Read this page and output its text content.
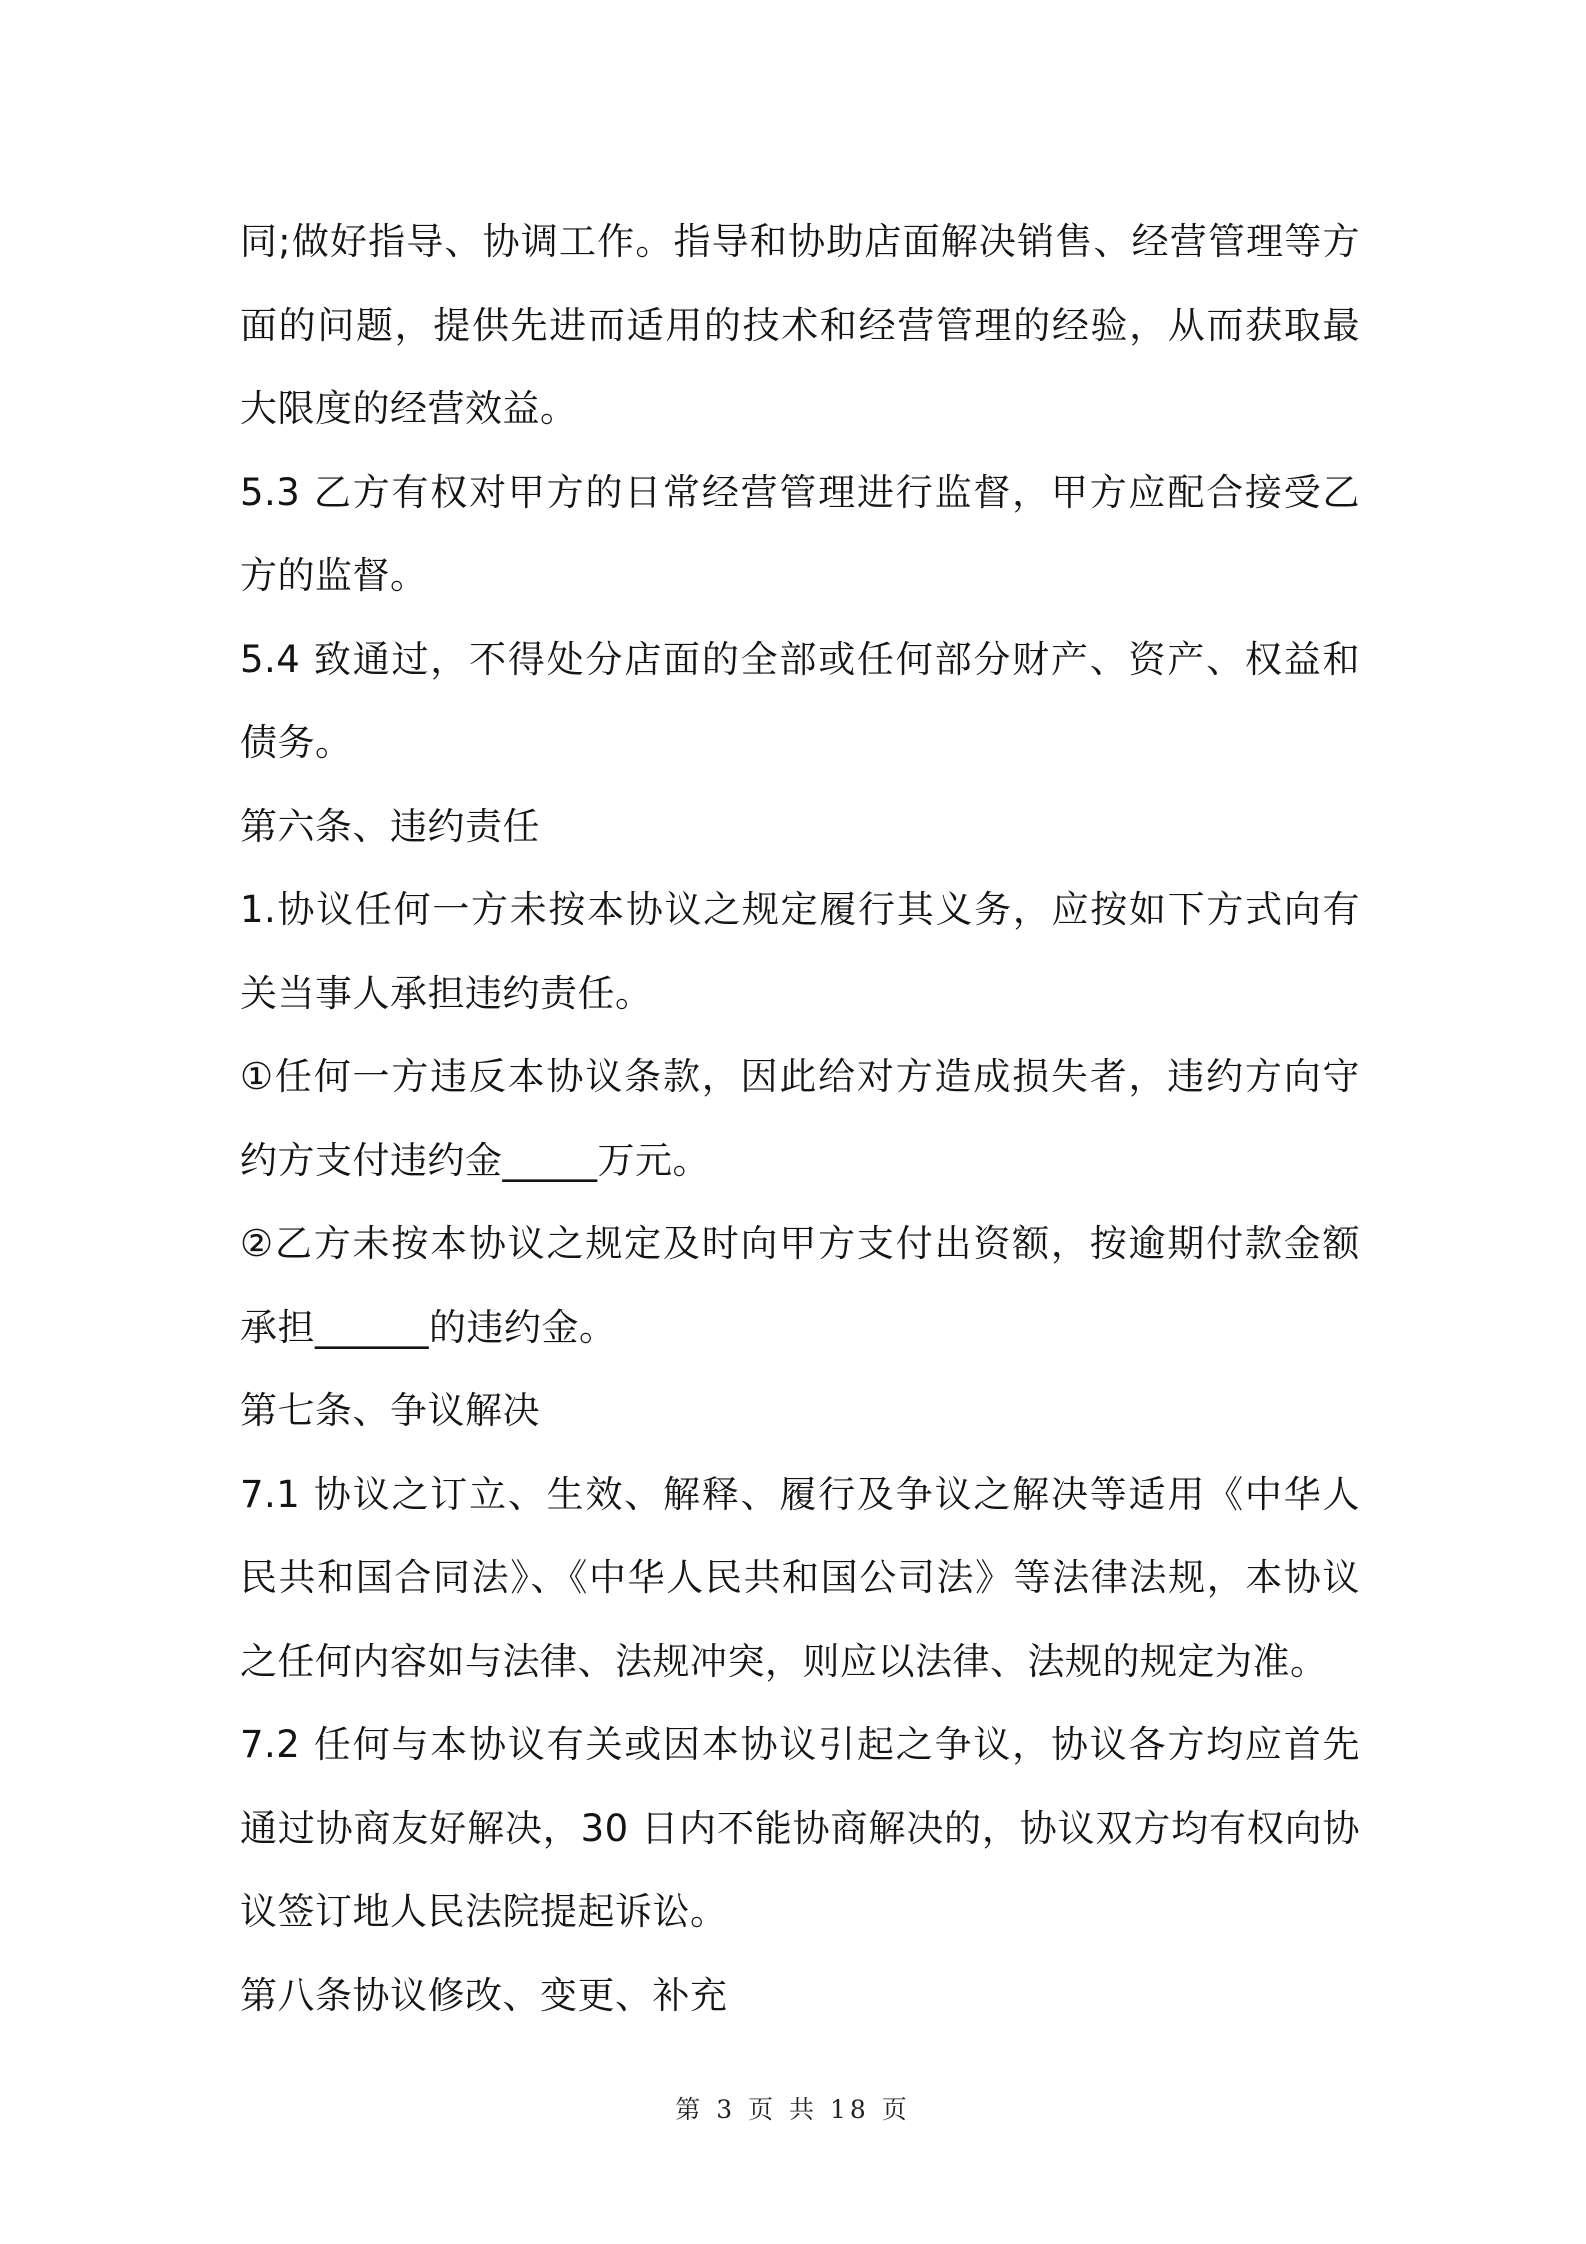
同;做好指导、协调工作。指导和协助店面解决销售、经营管理等方面的问题，提供先进而适用的技术和经营管理的经验，从而获取最大限度的经营效益。

5.3 乙方有权对甲方的日常经营管理进行监督，甲方应配合接受乙方的监督。

5.4 致通过，不得处分店面的全部或任何部分财产、资产、权益和债务。

第六条、违约责任

1.协议任何一方未按本协议之规定履行其义务，应按如下方式向有关当事人承担违约责任。

①任何一方违反本协议条款，因此给对方造成损失者，违约方向守约方支付违约金_____万元。

②乙方未按本协议之规定及时向甲方支付出资额，按逾期付款金额承担______的违约金。

第七条、争议解决

7.1 协议之订立、生效、解释、履行及争议之解决等适用《中华人民共和国合同法》、《中华人民共和国公司法》等法律法规，本协议之任何内容如与法律、法规冲突，则应以法律、法规的规定为准。

7.2 任何与本协议有关或因本协议引起之争议，协议各方均应首先通过协商友好解决，30 日内不能协商解决的，协议双方均有权向协议签订地人民法院提起诉讼。

第八条协议修改、变更、补充

第 3 页 共 18 页
